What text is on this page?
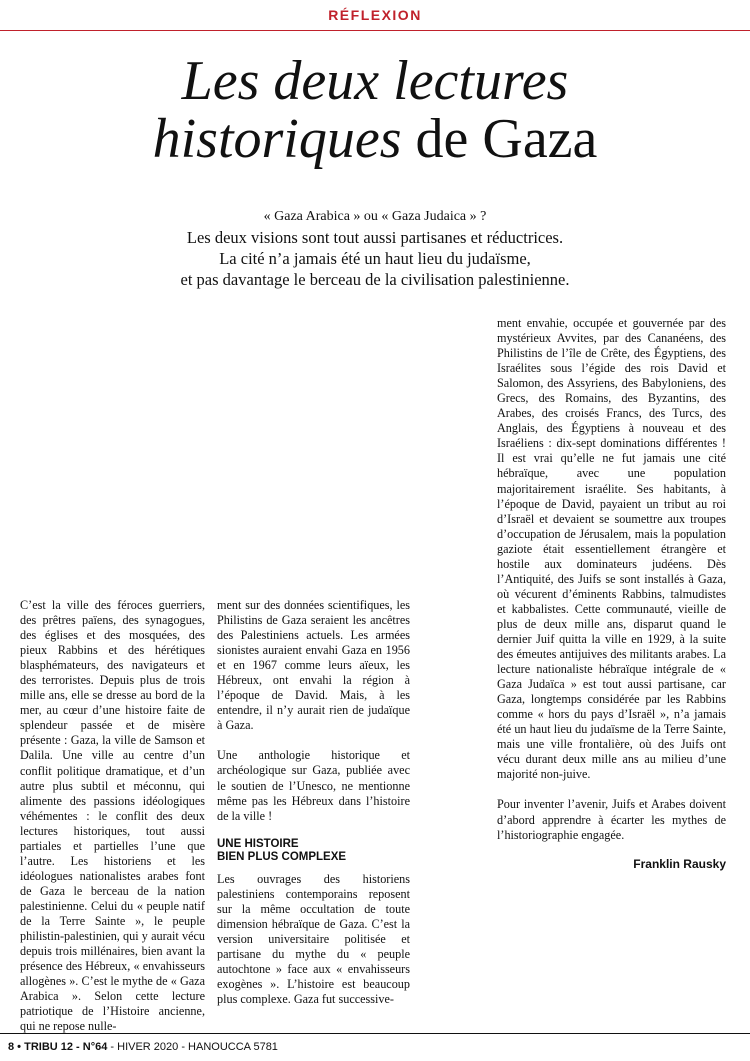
RÉFLEXION
Les deux lectures
historiques de Gaza
« Gaza Arabica » ou « Gaza Judaica » ?
Les deux visions sont tout aussi partisanes et réductrices.
La cité n’a jamais été un haut lieu du judaïsme,
et pas davantage le berceau de la civilisation palestinienne.

C’est la ville des féroces guerriers, des prêtres païens, des synagogues, des églises et des mosquées, des pieux Rabbins et des hérétiques blasphémateurs, des navigateurs et des terroristes. Depuis plus de trois mille ans, elle se dresse au bord de la mer, au cœur d’une histoire faite de splendeur passée et de misère présente : Gaza, la ville de Samson et Dalila. Une ville au centre d’un conflit politique dramatique, et d’un autre plus subtil et méconnu, qui alimente des passions idéologiques véhémentes : le conflit des deux lectures historiques, tout aussi partiales et partielles l’une que l’autre. Les historiens et les idéologues nationalistes arabes font de Gaza le berceau de la nation palestinienne. Celui du « peuple natif de la Terre Sainte », le peuple philistin-palestinien, qui y aurait vécu depuis trois millénaires, bien avant la présence des Hébreux, « envahisseurs allogènes ». C’est le mythe de « Gaza Arabica ». Selon cette lecture patriotique de l’Histoire ancienne, qui ne repose nulle-

ment sur des données scientifiques, les Philistins de Gaza seraient les ancêtres des Palestiniens actuels. Les armées sionistes auraient envahi Gaza en 1956 et en 1967 comme leurs aïeux, les Hébreux, ont envahi la région à l’époque de David. Mais, à les entendre, il n’y aurait rien de judaïque à Gaza.

Une anthologie historique et archéologique sur Gaza, publiée avec le soutien de l’Unesco, ne mentionne même pas les Hébreux dans l’histoire de la ville !

UNE HISTOIRE
BIEN PLUS COMPLEXE

Les ouvrages des historiens palestiniens contemporains reposent sur la même occultation de toute dimension hébraïque de Gaza. C’est la version universitaire politisée et partisane du mythe du « peuple autochtone » face aux « envahisseurs exogènes ». L’histoire est beaucoup plus complexe. Gaza fut successive-

ment envahie, occupée et gouvernée par des mystérieux Avvites, par des Cananéens, des Philistins de l’île de Crête, des Égyptiens, des Israélites sous l’égide des rois David et Salomon, des Assyriens, des Babyloniens, des Grecs, des Romains, des Byzantins, des Arabes, des croisés Francs, des Turcs, des Anglais, des Égyptiens à nouveau et des Israéliens : dix-sept dominations différentes ! Il est vrai qu’elle ne fut jamais une cité hébraïque, avec une population majoritairement israélite. Ses habitants, à l’époque de David, payaient un tribut au roi d’Israël et devaient se soumettre aux troupes d’occupation de Jérusalem, mais la population gaziote était essentiellement étrangère et hostile aux dominateurs judéens. Dès l’Antiquité, des Juifs se sont installés à Gaza, où vécurent d’éminents Rabbins, talmudistes et kabbalistes. Cette communauté, vieille de plus de deux mille ans, disparut quand le dernier Juif quitta la ville en 1929, à la suite des émeutes antijuives des militants arabes. La lecture nationaliste hébraïque intégrale de « Gaza Judaïca » est tout aussi partisane, car Gaza, longtemps considérée par les Rabbins comme « hors du pays d’Israël », n’a jamais été un haut lieu du judaïsme de la Terre Sainte, mais une ville frontalière, où des Juifs ont vécu durant deux mille ans au milieu d’une majorité non-juive.

Pour inventer l’avenir, Juifs et Arabes doivent d’abord apprendre à écarter les mythes de l’historiographie engagée.

Franklin Rausky
8 • TRIBU 12 - N°64 - HIVER 2020 - HANOUCCA 5781
